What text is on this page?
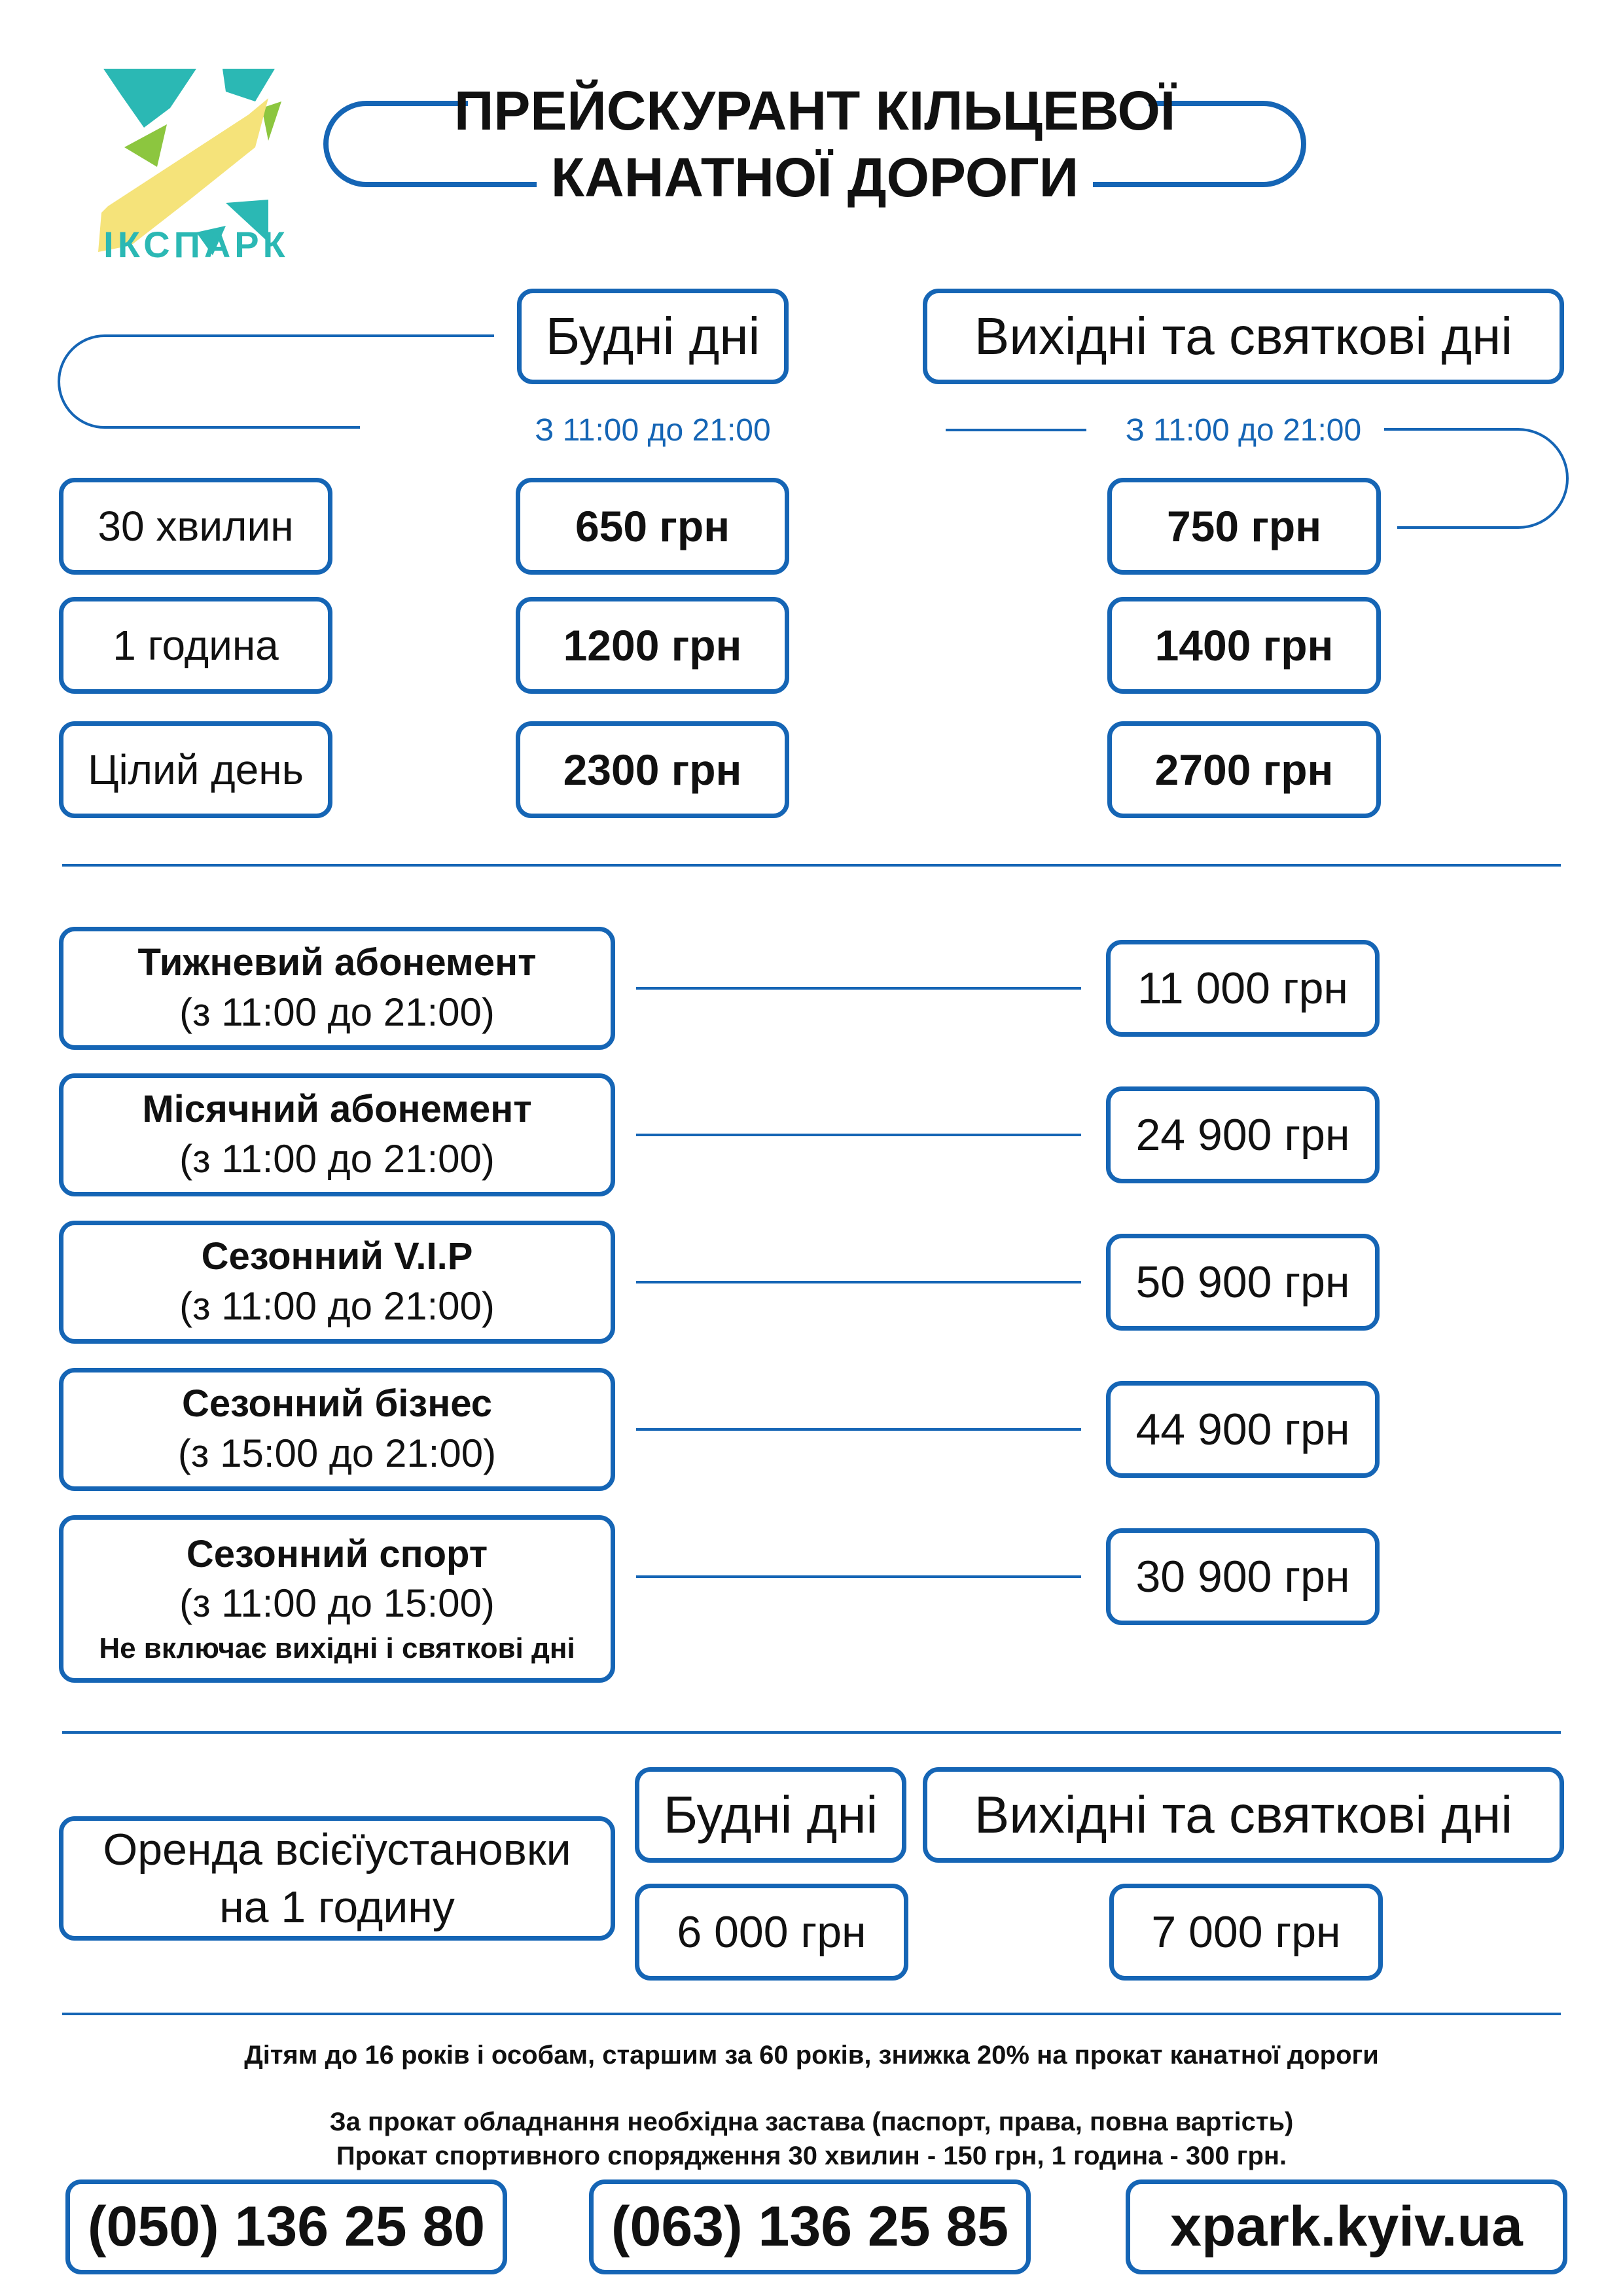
ІКСПАРК
ПРЕЙСКУРАНТ КІЛЬЦЕВОЇ
КАНАТНОЇ ДОРОГИ
Будні дні	Вихідні та святкові дні
З 11:00 до 21:00	З 11:00 до 21:00
30 хвилин	650 грн	750 грн
1 година	1200 грн	1400 грн
Цілий день	2300 грн	2700 грн
Тижневий абонемент
(з 11:00 до 21:00)	11 000 грн
Місячний абонемент
(з 11:00 до 21:00)	24 900 грн
Сезонний V.I.P
(з 11:00 до 21:00)	50 900 грн
Сезонний бізнес
(з 15:00 до 21:00)	44 900 грн
Сезонний спорт
(з 11:00 до 15:00)
Не включає вихідні і святкові дні
30 900 грн
Оренда всієїустановки
на 1 годину
Будні дні	Вихідні та святкові дні
6 000 грн	7 000 грн
Дітям до 16 років і особам, старшим за 60 років, знижка 20% на прокат канатної дороги
За прокат обладнання необхідна застава (паспорт, права, повна вартість)
Прокат спортивного спорядження 30 хвилин - 150 грн, 1 година - 300 грн.
(050) 136 25 80	(063) 136 25 85	xpark.kyiv.ua
